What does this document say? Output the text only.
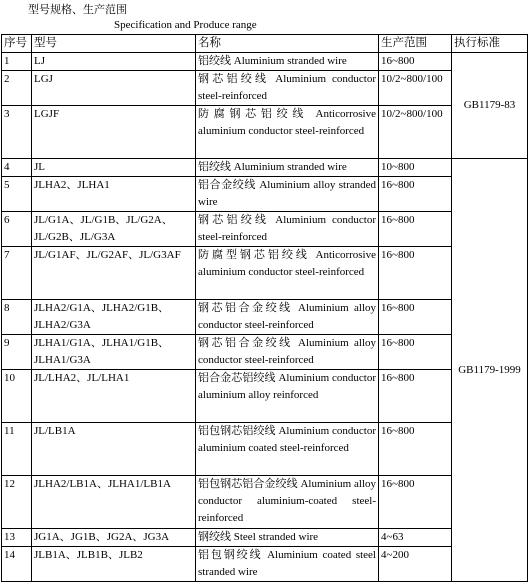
型号规格、生产范围
Specification and Produce range
序号	型号	名称	生产范围	执行标准
1	LJ	铝绞线 Aluminium stranded wire	16~800	GB1179-83
2	LGJ	钢芯铝绞线 Aluminium conductor steel-reinforced	10/2~800/100	
3	LGJF	防腐钢芯铝绞线 Anticorrosive aluminium conductor steel-reinforced	10/2~800/100	
4	JL	铝绞线 Aluminium stranded wire	10~800	GB1179-1999
5	JLHA2、JLHA1	铝合金绞线 Aluminium alloy stranded wire	16~800	
6	JL/G1A、JL/G1B、JL/G2A、JL/G2B、JL/G3A	钢芯铝绞线 Aluminium conductor steel-reinforced	16~800	
7	JL/G1AF、JL/G2AF、JL/G3AF	防腐型钢芯铝绞线 Anticorrosive aluminium conductor steel-reinforced	16~800	
8	JLHA2/G1A、JLHA2/G1B、JLHA2/G3A	钢芯铝合金绞线 Aluminium alloy conductor steel-reinforced	16~800	
9	JLHA1/G1A、JLHA1/G1B、JLHA1/G3A	钢芯铝合金绞线 Aluminium alloy conductor steel-reinforced	16~800	
10	JL/LHA2、JL/LHA1	铝合金芯铝绞线 Aluminium conductor aluminium alloy reinforced	16~800	
11	JL/LB1A	铝包钢芯铝绞线 Aluminium conductor aluminium coated steel-reinforced	16~800	
12	JLHA2/LB1A、JLHA1/LB1A	铝包钢芯铝合金绞线 Aluminium alloy conductor aluminium-coated steel-reinforced	16~800	
13	JG1A、JG1B、JG2A、JG3A	钢绞线 Steel stranded wire	4~63	
14	JLB1A、JLB1B、JLB2	铝包钢绞线 Aluminium coated steel stranded wire	4~200	
